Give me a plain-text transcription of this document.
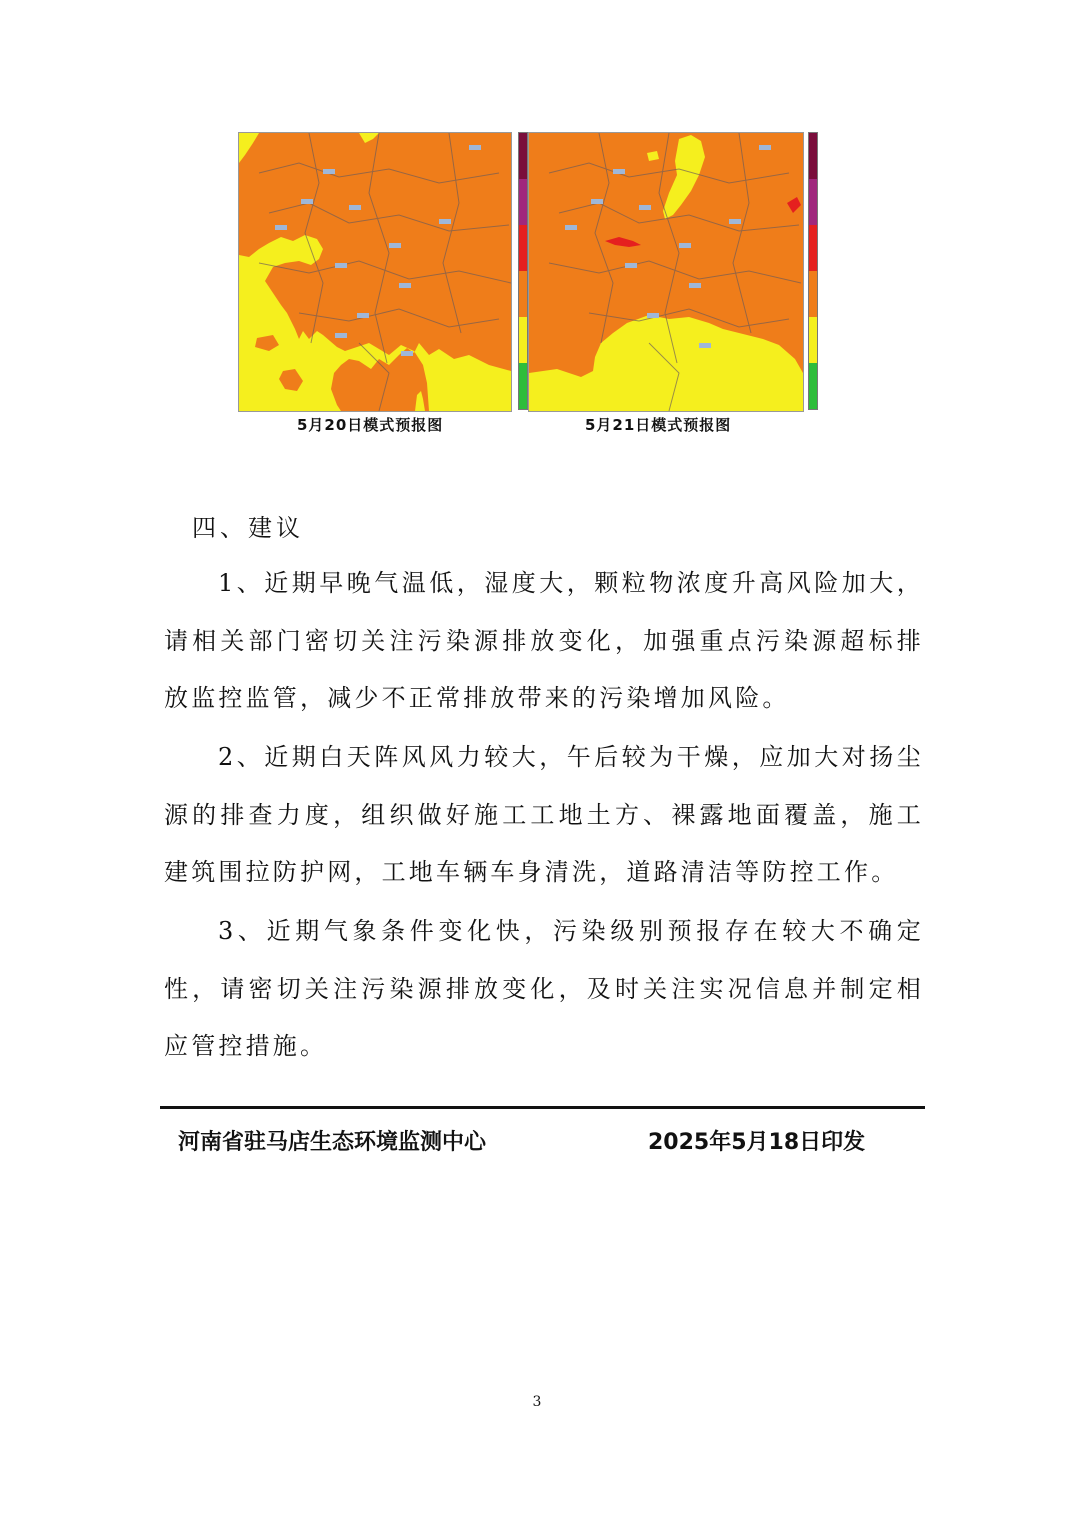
5月20日模式预报图	5月21日模式预报图
四、建议

1、近期早晚气温低，湿度大，颗粒物浓度升高风险加大，请相关部门密切关注污染源排放变化，加强重点污染源超标排放监控监管，减少不正常排放带来的污染增加风险。

2、近期白天阵风风力较大，午后较为干燥，应加大对扬尘源的排查力度，组织做好施工工地土方、裸露地面覆盖，施工建筑围拉防护网，工地车辆车身清洗，道路清洁等防控工作。

3、近期气象条件变化快，污染级别预报存在较大不确定性，请密切关注污染源排放变化，及时关注实况信息并制定相应管控措施。

河南省驻马店生态环境监测中心	2025年5月18日印发
3
